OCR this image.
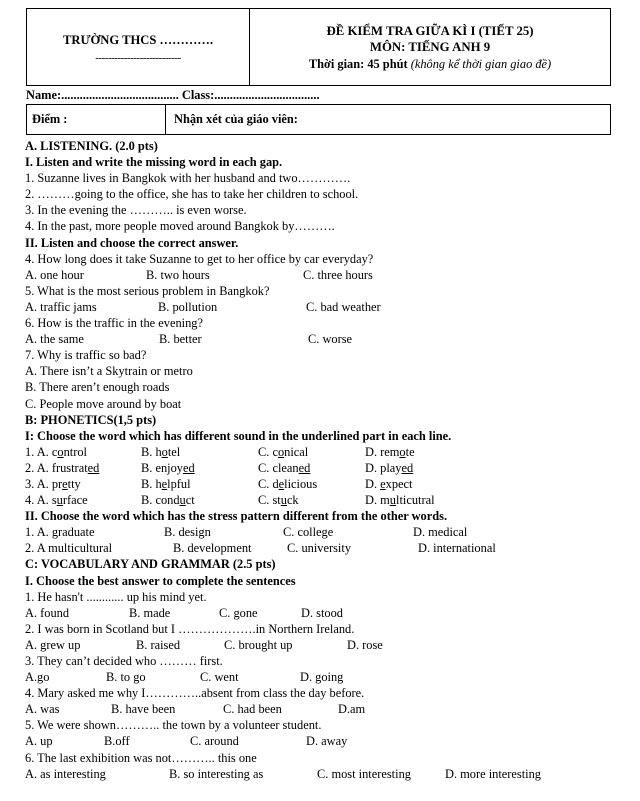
TRƯỜNG THCS ………….
---------------------------
ĐỀ KIỂM TRA GIỮA KÌ I (TIẾT 25)
MÔN: TIẾNG ANH 9
Thời gian: 45 phút (không kể thời gian giao đề)
Name:...................................... Class:..................................
Điểm :	Nhận xét của giáo viên:
A. LISTENING. (2.0 pts)
I. Listen and write the missing word in each gap.
1. Suzanne lives in Bangkok with her husband and two………….
2. ………going to the office, she has to take her children to school.
3. In the evening the ……….. is even worse.
4. In the past, more people moved around Bangkok by……….
II. Listen and choose the correct answer.
4. How long does it take Suzanne to get to her office by car everyday?
A. one hour	B. two hours	C. three hours
5. What is the most serious problem in Bangkok?
A. traffic jams	B. pollution	C. bad weather
6. How is the traffic in the evening?
A. the same	B. better	C. worse
7. Why is traffic so bad?
A. There isn’t a Skytrain or metro
B. There aren’t enough roads
C. People move around by boat
B: PHONETICS(1,5 pts)
I: Choose the word which has different sound in the underlined part in each line.
1. A. control	B. hotel	C. conical	D. remote
2. A. frustrated	B. enjoyed	C. cleaned	D. played
3. A. pretty	B. helpful	C. delicious	D. expect
4. A. surface	B. conduct	C. stuck	D. multicutral
II. Choose the word which has the stress pattern different from the other words.
1. A. graduate	B. design	C. college	D. medical
2. A multicultural	B. development	C. university	D. international
C: VOCABULARY AND GRAMMAR (2.5 pts)
I. Choose the best answer to complete the sentences
1. He hasn't ............ up his mind yet.
A. found	B. made	C. gone	D. stood
2. I was born in Scotland but I ……………….in Northern Ireland.
A. grew up	B. raised	C. brought up	D. rose
3. They can’t decided who ……… first.
A.go	B. to go	C. went	D. going
4. Mary asked me why I…………..absent from class the day before.
A. was	B. have been	C. had been	D.am
5. We were shown……….. the town by a volunteer student.
A. up	B.off	C. around	D. away
6. The last exhibition was not……….. this one
A. as interesting	B. so interesting as	C. most interesting	D. more interesting
